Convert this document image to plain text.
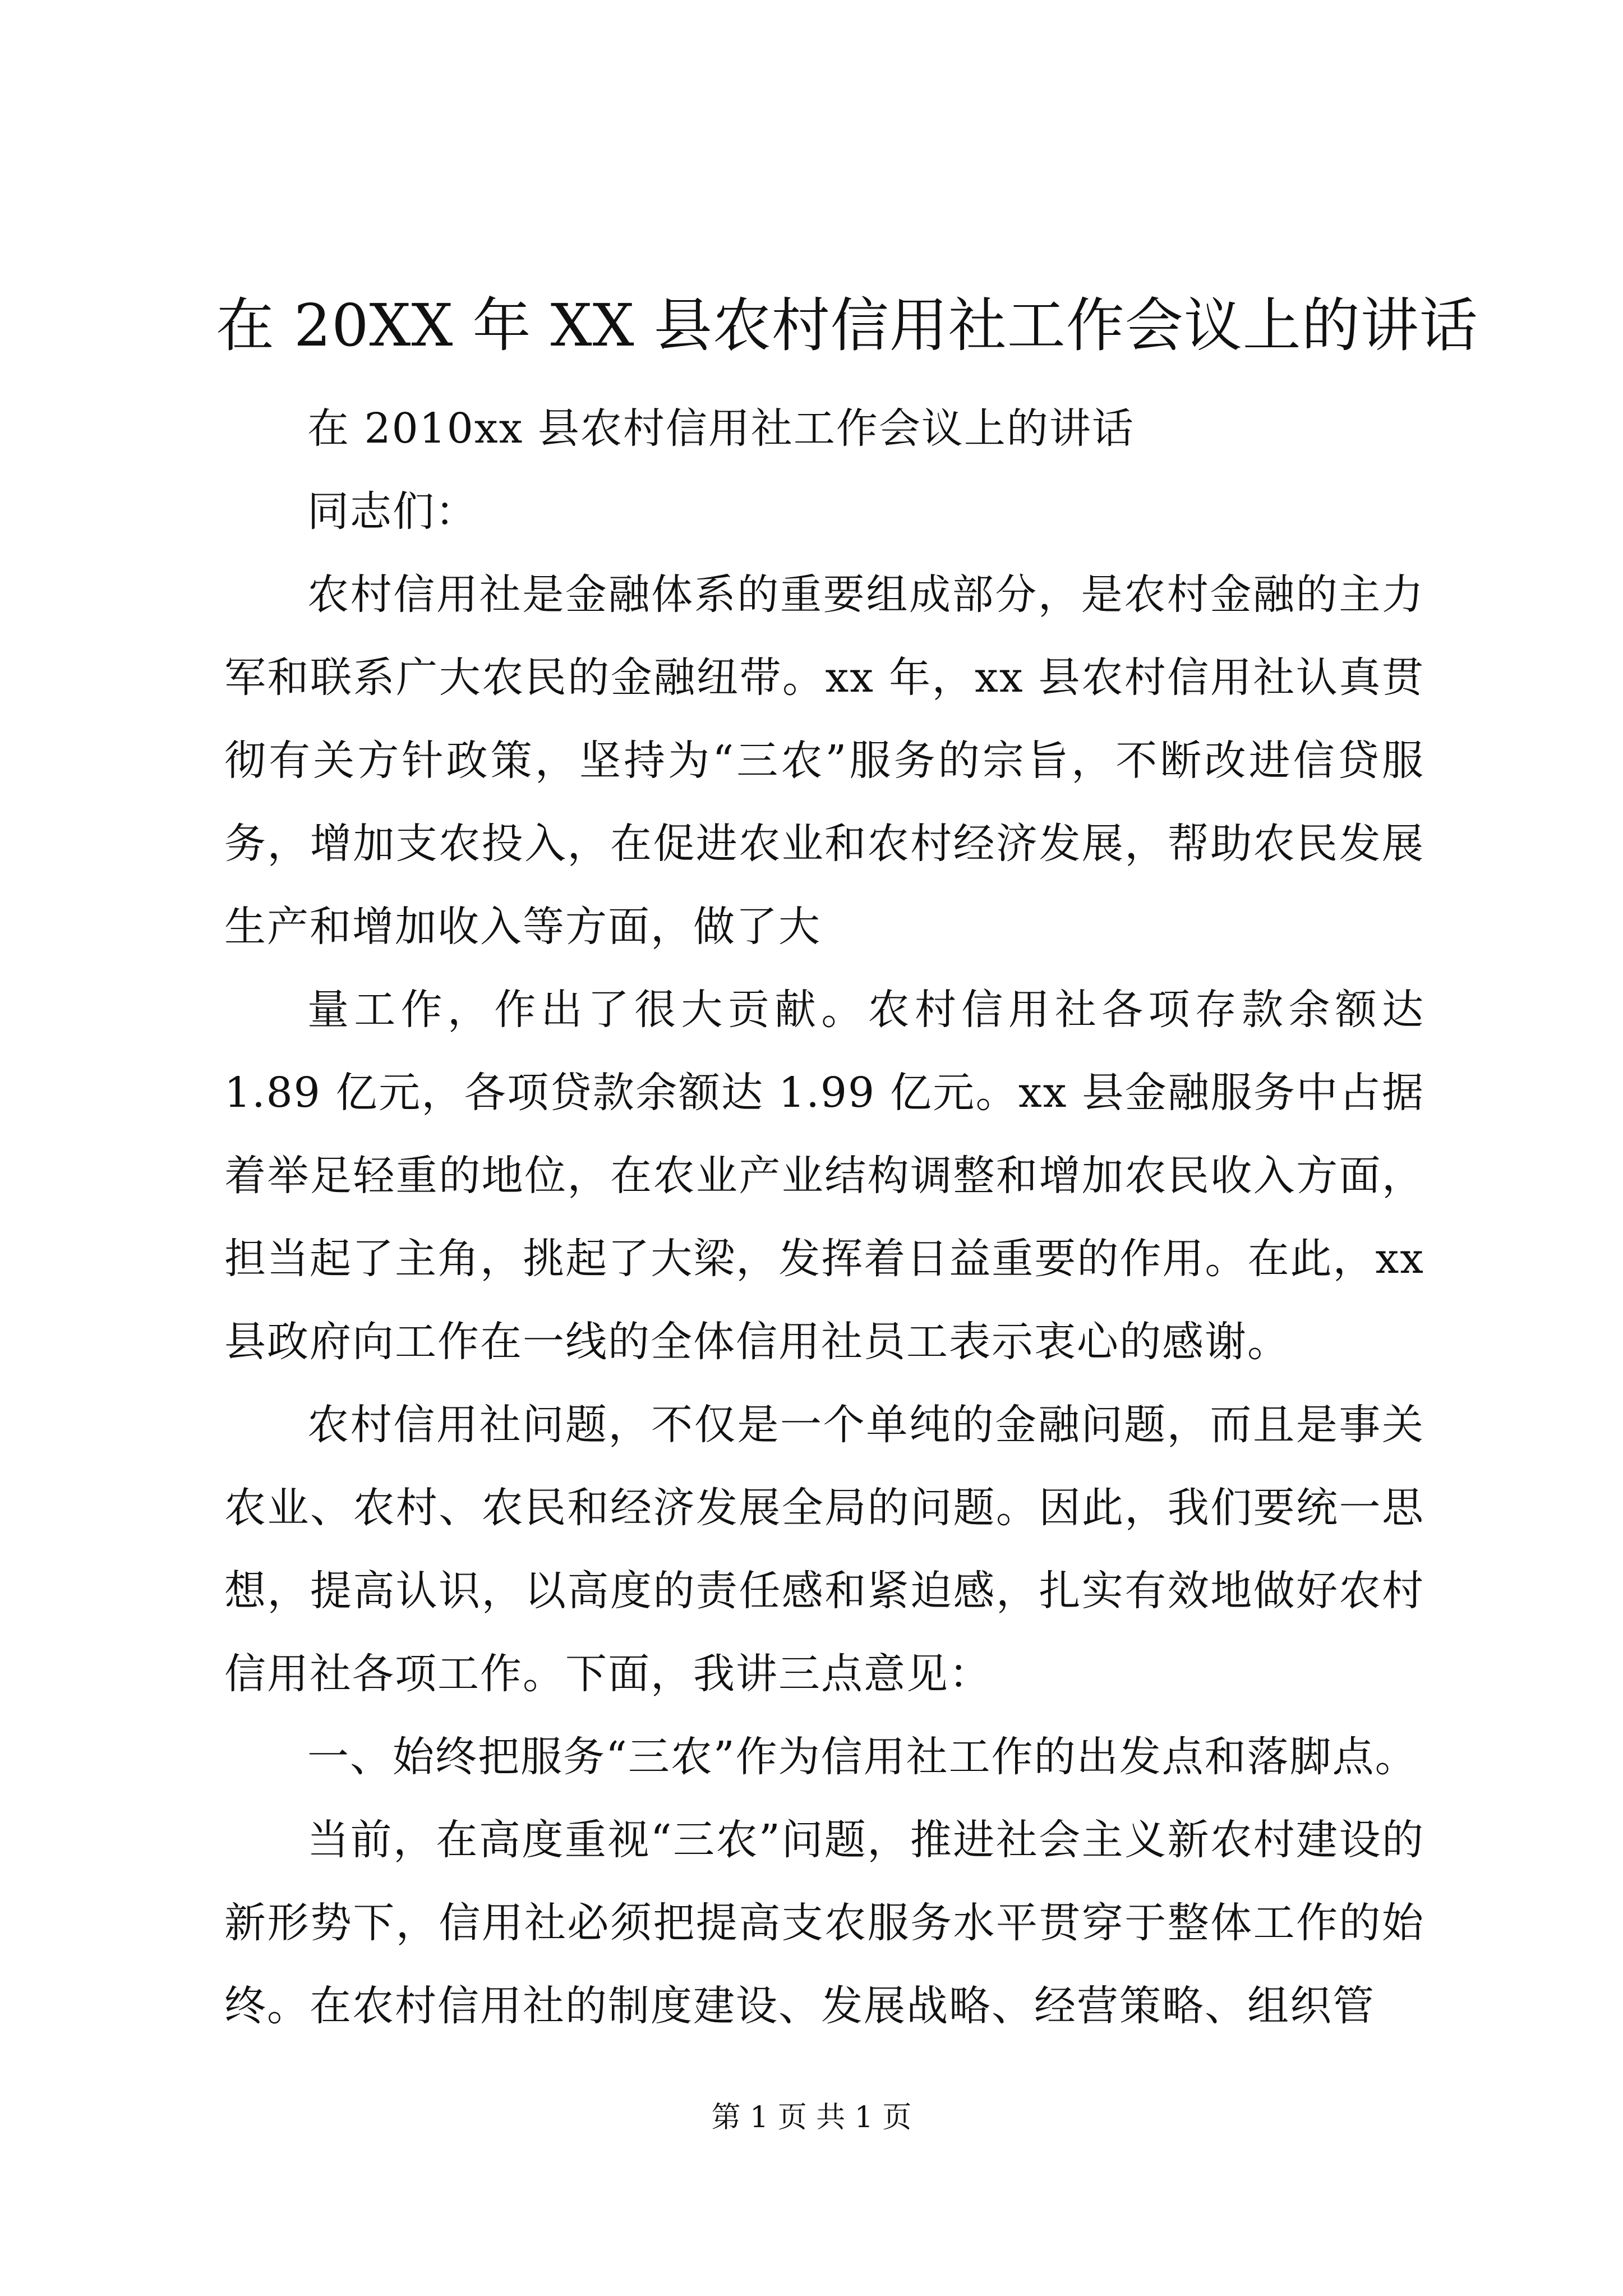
在 20XX 年 XX 县农村信用社工作会议上的讲话

在 2010xx 县农村信用社工作会议上的讲话

同志们：

农村信用社是金融体系的重要组成部分，是农村金融的主力军和联系广大农民的金融纽带。xx 年，xx 县农村信用社认真贯彻有关方针政策，坚持为“三农”服务的宗旨，不断改进信贷服务，增加支农投入，在促进农业和农村经济发展，帮助农民发展生产和增加收入等方面，做了大

量工作，作出了很大贡献。农村信用社各项存款余额达 1.89 亿元，各项贷款余额达 1.99 亿元。xx 县金融服务中占据着举足轻重的地位，在农业产业结构调整和增加农民收入方面，担当起了主角，挑起了大梁，发挥着日益重要的作用。在此，xx 县政府向工作在一线的全体信用社员工表示衷心的感谢。

农村信用社问题，不仅是一个单纯的金融问题，而且是事关农业、农村、农民和经济发展全局的问题。因此，我们要统一思想，提高认识，以高度的责任感和紧迫感，扎实有效地做好农村信用社各项工作。下面，我讲三点意见：

一、始终把服务“三农”作为信用社工作的出发点和落脚点。

当前，在高度重视“三农”问题，推进社会主义新农村建设的新形势下，信用社必须把提高支农服务水平贯穿于整体工作的始终。在农村信用社的制度建设、发展战略、经营策略、组织管

第 1 页 共 1 页
